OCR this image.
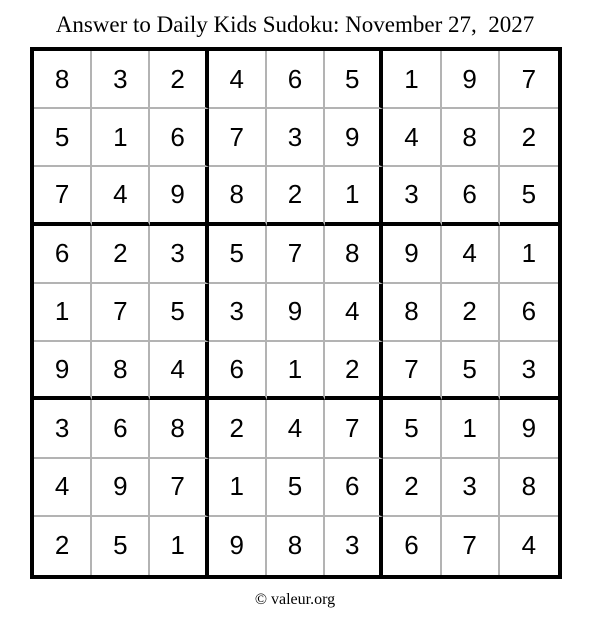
Answer to Daily Kids Sudoku: November 27,  2027
8	3	2	4	6	5	1	9	7
5	1	6	7	3	9	4	8	2
7	4	9	8	2	1	3	6	5
6	2	3	5	7	8	9	4	1
1	7	5	3	9	4	8	2	6
9	8	4	6	1	2	7	5	3
3	6	8	2	4	7	5	1	9
4	9	7	1	5	6	2	3	8
2	5	1	9	8	3	6	7	4
© valeur.org
